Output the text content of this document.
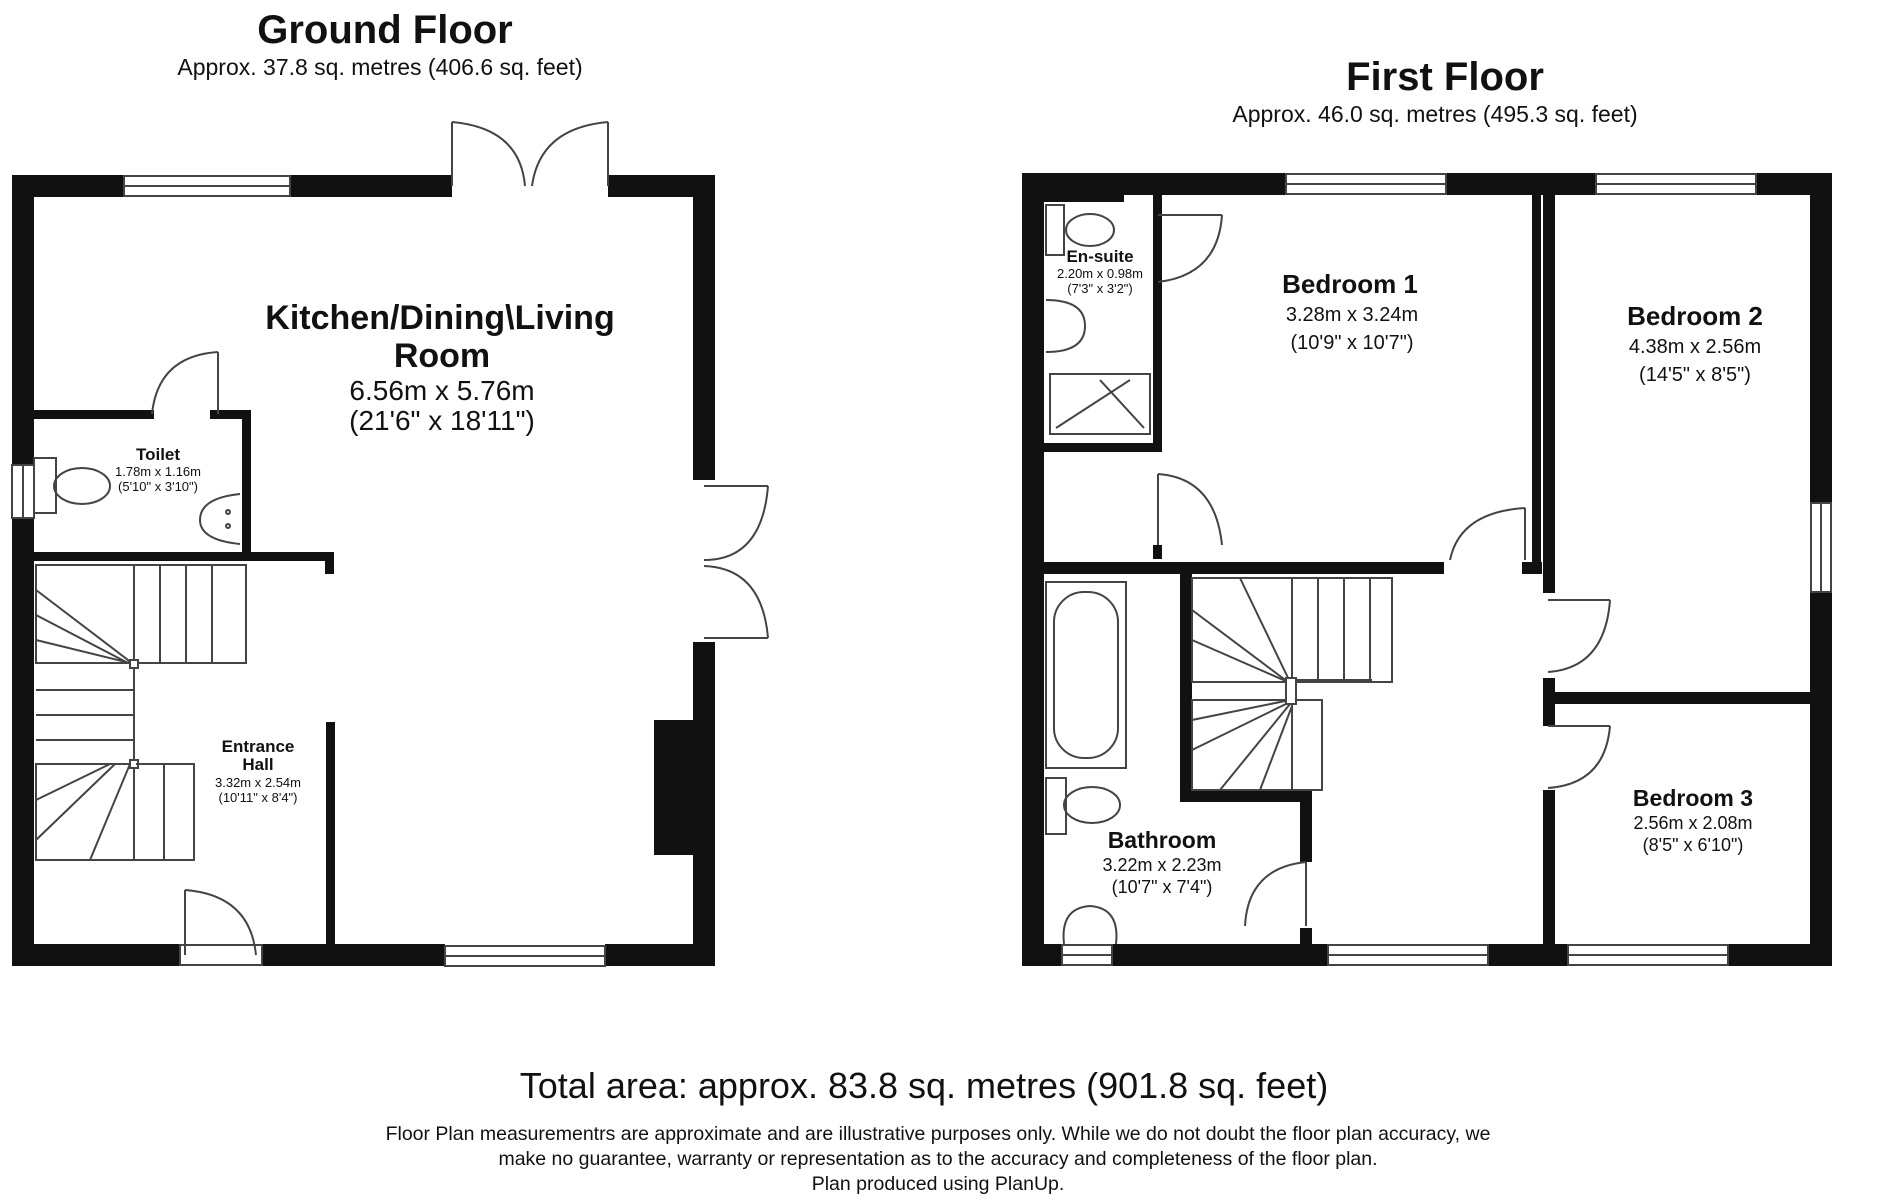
Ground Floor
Approx. 37.8 sq. metres (406.6 sq. feet)
Kitchen/Dining\Living
Room
6.56m x 5.76m
(21'6" x 18'11")
Toilet
1.78m x 1.16m
(5'10" x 3'10")
Entrance
Hall
3.32m x 2.54m
(10'11" x 8'4")
First Floor
Approx. 46.0 sq. metres (495.3 sq. feet)
En-suite
2.20m x 0.98m
(7'3" x 3'2")	Bedroom 1
3.28m x 3.24m
(10'9" x 10'7")
Bedroom 2
4.38m x 2.56m
(14'5" x 8'5")
Bedroom 3
2.56m x 2.08m
(8'5" x 6'10")
Bathroom
3.22m x 2.23m
(10'7" x 7'4")
Total area: approx. 83.8 sq. metres (901.8 sq. feet)
Floor Plan measurementrs are approximate and are illustrative purposes only. While we do not doubt the floor plan accuracy, we
make no guarantee, warranty or representation as to the accuracy and completeness of the floor plan.
Plan produced using PlanUp.
